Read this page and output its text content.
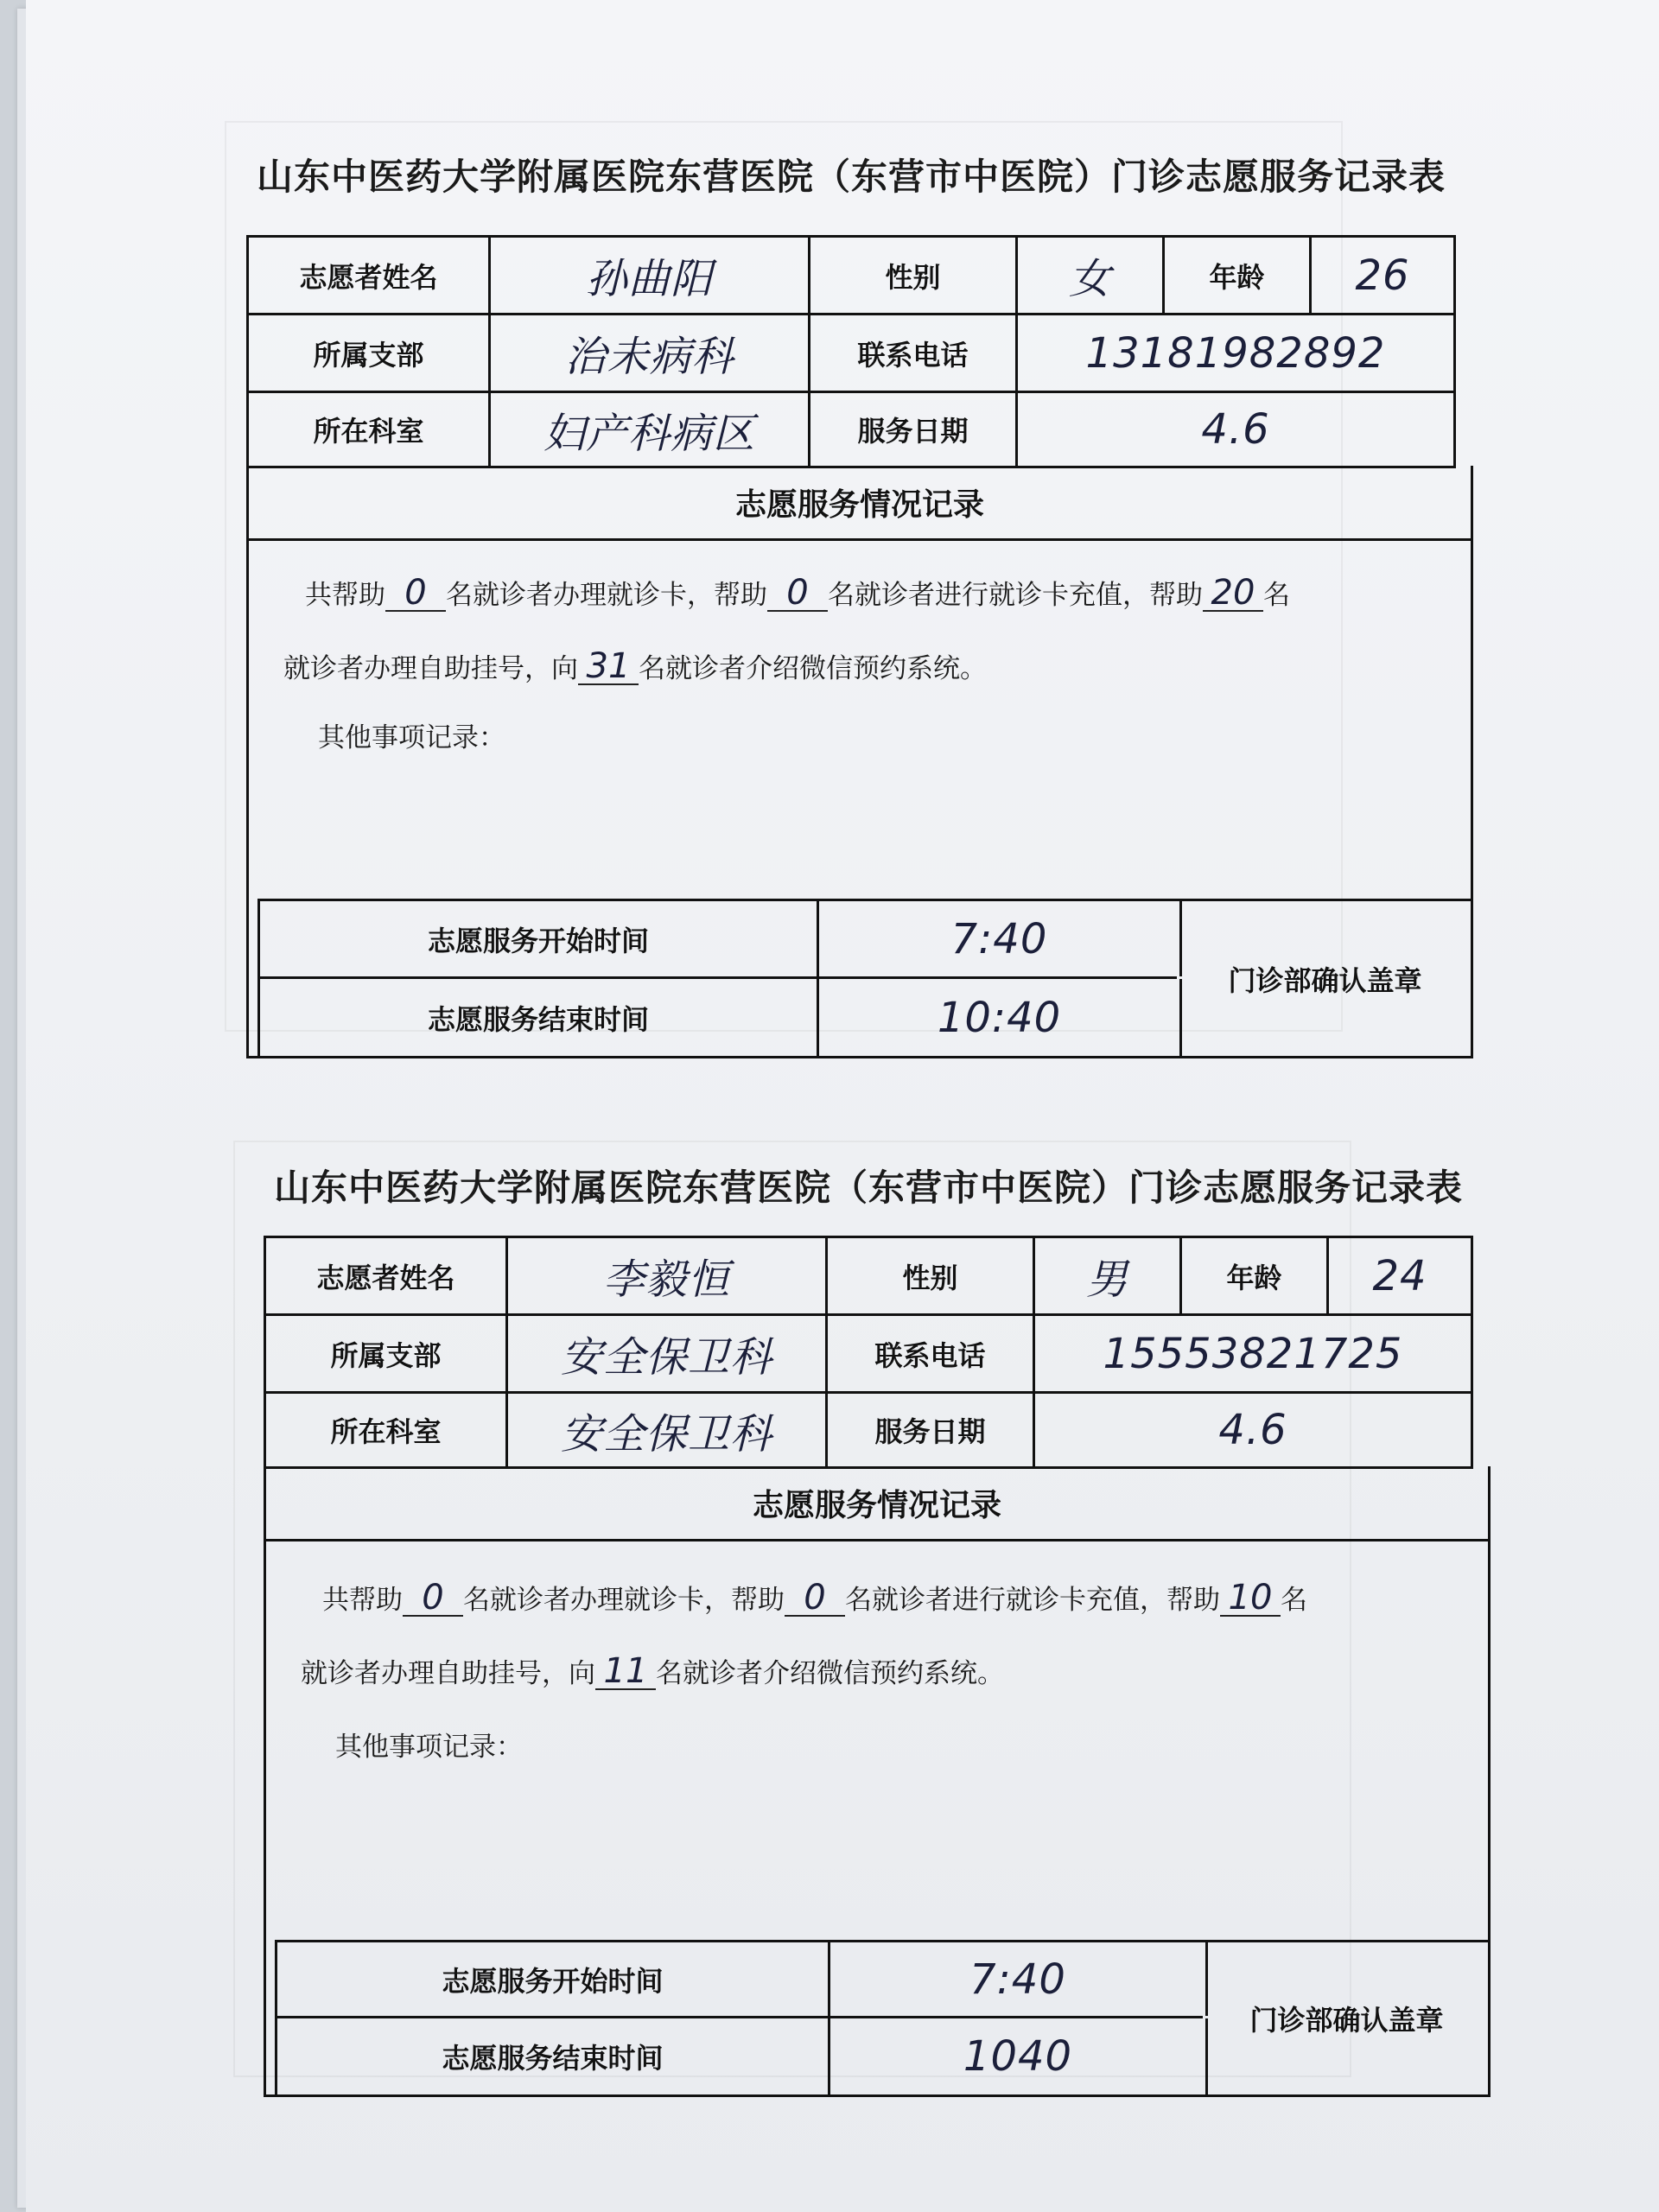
山东中医药大学附属医院东营医院（东营市中医院）门诊志愿服务记录表
志愿者姓名	孙曲阳	性别	女	年龄 26
所属支部	治未病科	联系电话	13181982892
所在科室	妇产科病区	服务日期	4.6
志愿服务情况记录
共帮助 0 名就诊者办理就诊卡，帮助 0 名就诊者进行就诊卡充值，帮助 20 名
就诊者办理自助挂号，向 31 名就诊者介绍微信预约系统。
其他事项记录：
志愿服务开始时间	7:40
志愿服务结束时间	10:40
门诊部确认盖章
山东中医药大学附属医院东营医院（东营市中医院）门诊志愿服务记录表
志愿者姓名	李毅恒	性别	男	年龄 24
所属支部	安全保卫科	联系电话	15553821725
所在科室	安全保卫科	服务日期	4.6
志愿服务情况记录
共帮助 0 名就诊者办理就诊卡，帮助 0 名就诊者进行就诊卡充值，帮助 10 名
就诊者办理自助挂号，向 11 名就诊者介绍微信预约系统。
其他事项记录：
志愿服务开始时间	7:40
志愿服务结束时间	1040
门诊部确认盖章
